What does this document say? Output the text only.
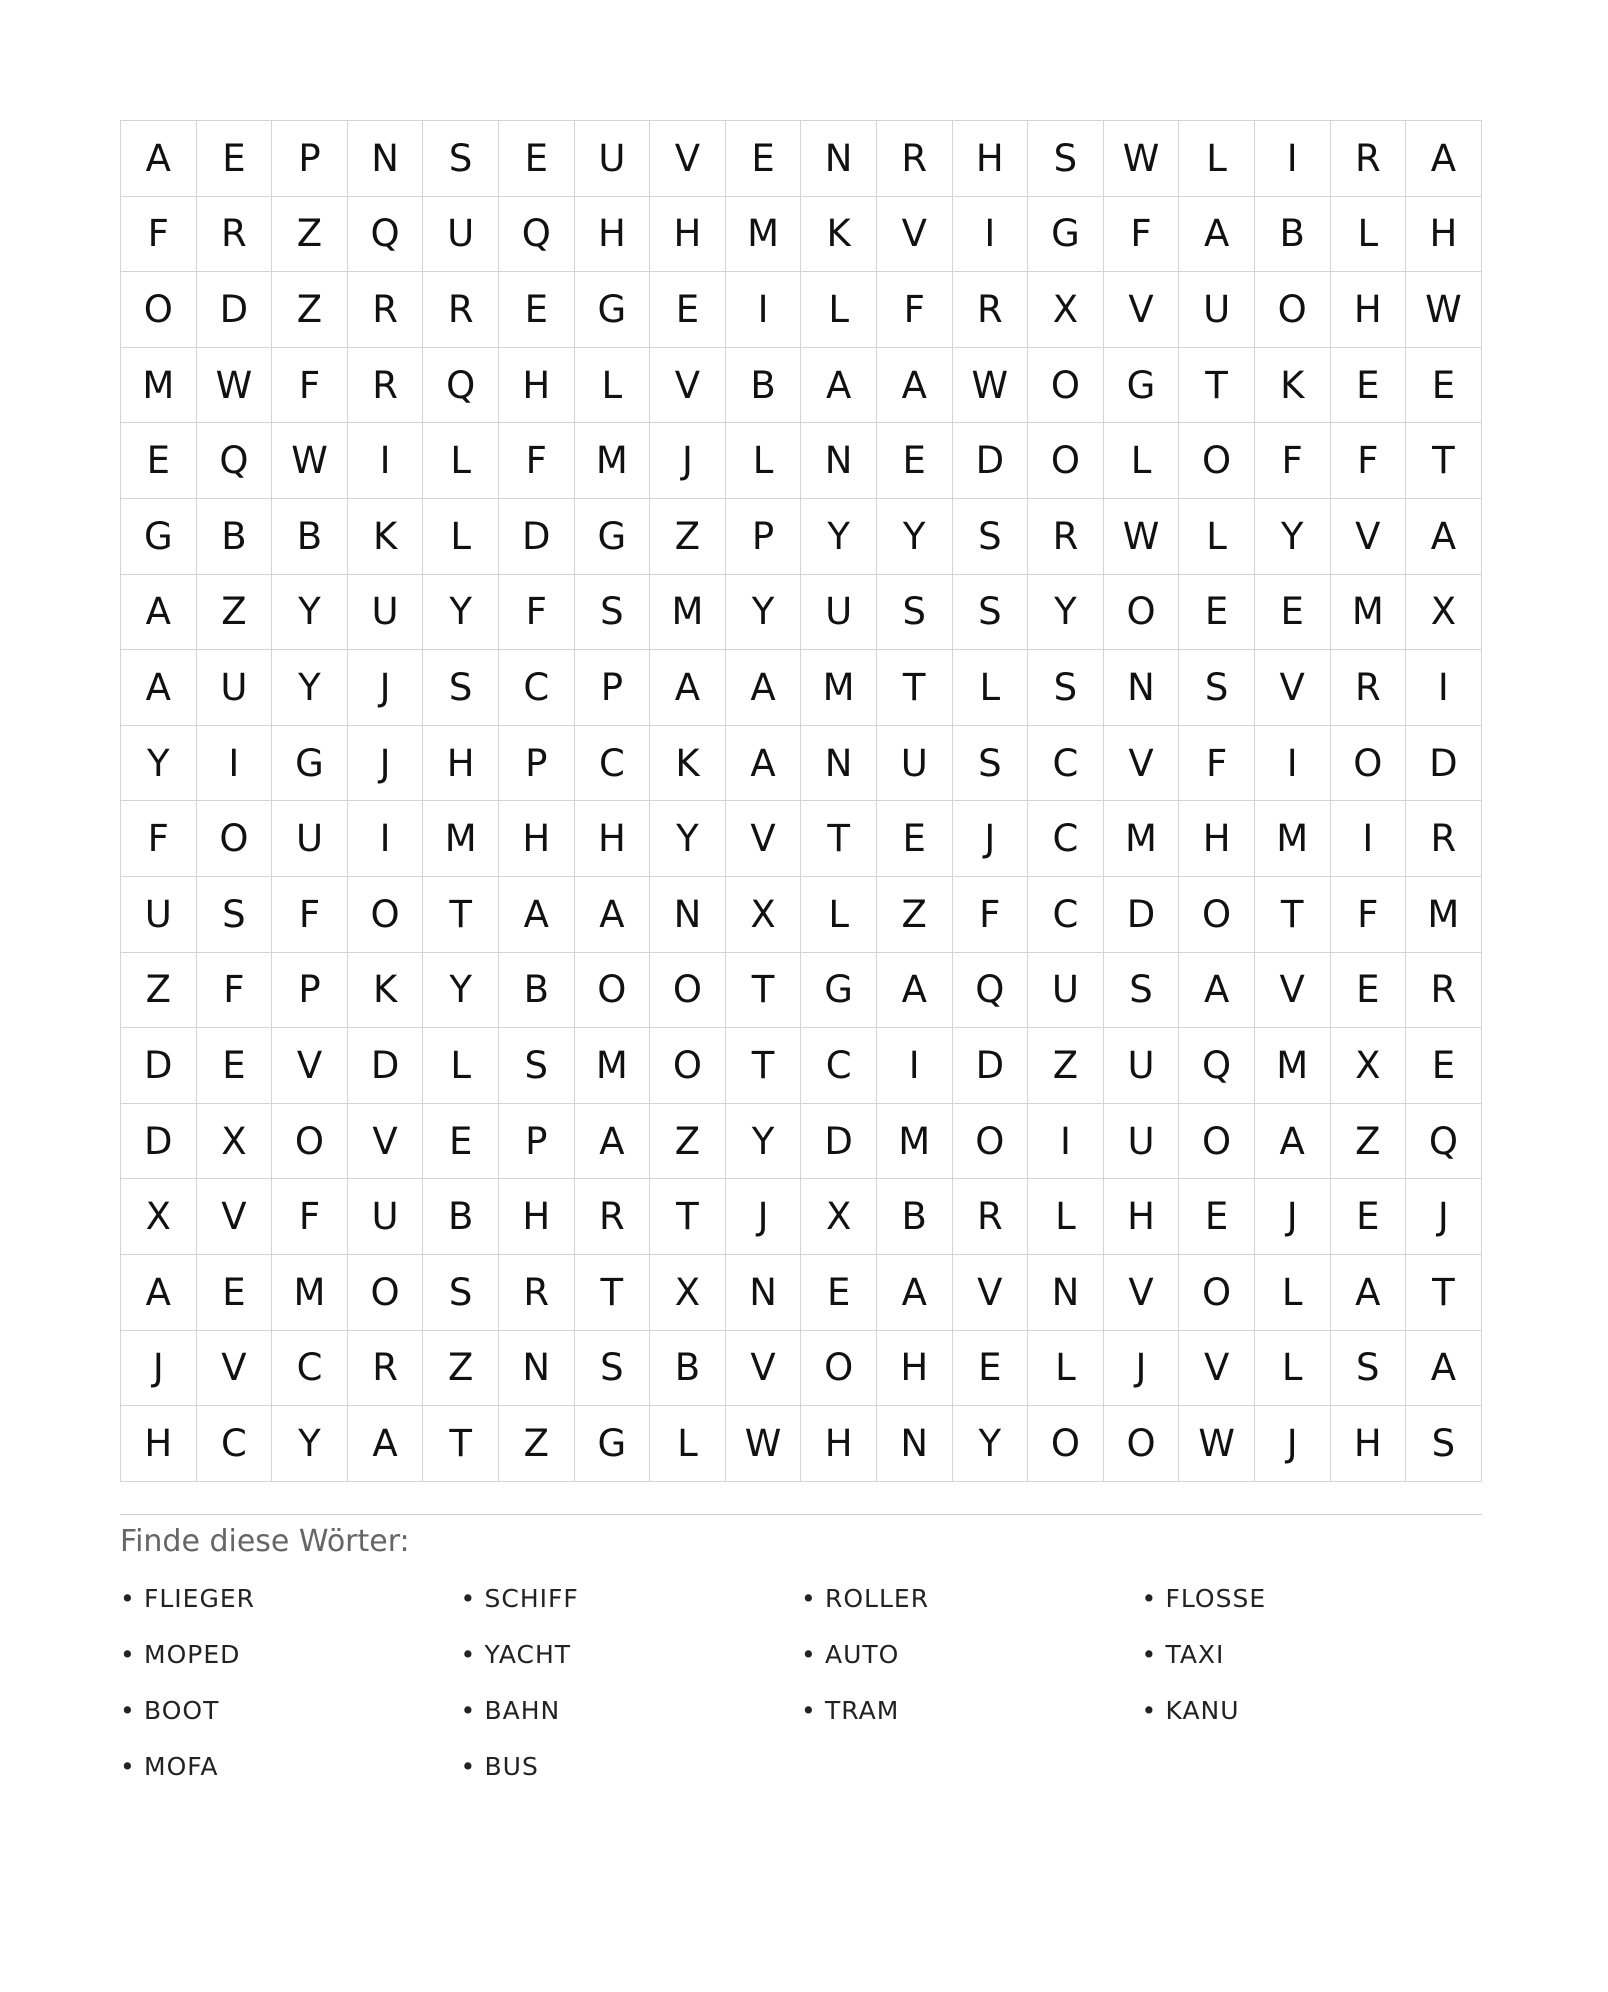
A	E	P	N	S	E	U	V	E	N	R	H	S	W	L	I	R	A
F	R	Z	Q	U	Q	H	H	M	K	V	I	G	F	A	B	L	H
O	D	Z	R	R	E	G	E	I	L	F	R	X	V	U	O	H	W
M	W	F	R	Q	H	L	V	B	A	A	W	O	G	T	K	E	E
E	Q	W	I	L	F	M	J	L	N	E	D	O	L	O	F	F	T
G	B	B	K	L	D	G	Z	P	Y	Y	S	R	W	L	Y	V	A
A	Z	Y	U	Y	F	S	M	Y	U	S	S	Y	O	E	E	M	X
A	U	Y	J	S	C	P	A	A	M	T	L	S	N	S	V	R	I
Y	I	G	J	H	P	C	K	A	N	U	S	C	V	F	I	O	D
F	O	U	I	M	H	H	Y	V	T	E	J	C	M	H	M	I	R
U	S	F	O	T	A	A	N	X	L	Z	F	C	D	O	T	F	M
Z	F	P	K	Y	B	O	O	T	G	A	Q	U	S	A	V	E	R
D	E	V	D	L	S	M	O	T	C	I	D	Z	U	Q	M	X	E
D	X	O	V	E	P	A	Z	Y	D	M	O	I	U	O	A	Z	Q
X	V	F	U	B	H	R	T	J	X	B	R	L	H	E	J	E	J
A	E	M	O	S	R	T	X	N	E	A	V	N	V	O	L	A	T
J	V	C	R	Z	N	S	B	V	O	H	E	L	J	V	L	S	A
H	C	Y	A	T	Z	G	L	W	H	N	Y	O	O	W	J	H	S
Finde diese Wörter:
• FLIEGER	• SCHIFF	• ROLLER	• FLOSSE
• MOPED	• YACHT	• AUTO	• TAXI
• BOOT	• BAHN	• TRAM	• KANU
• MOFA	• BUS
